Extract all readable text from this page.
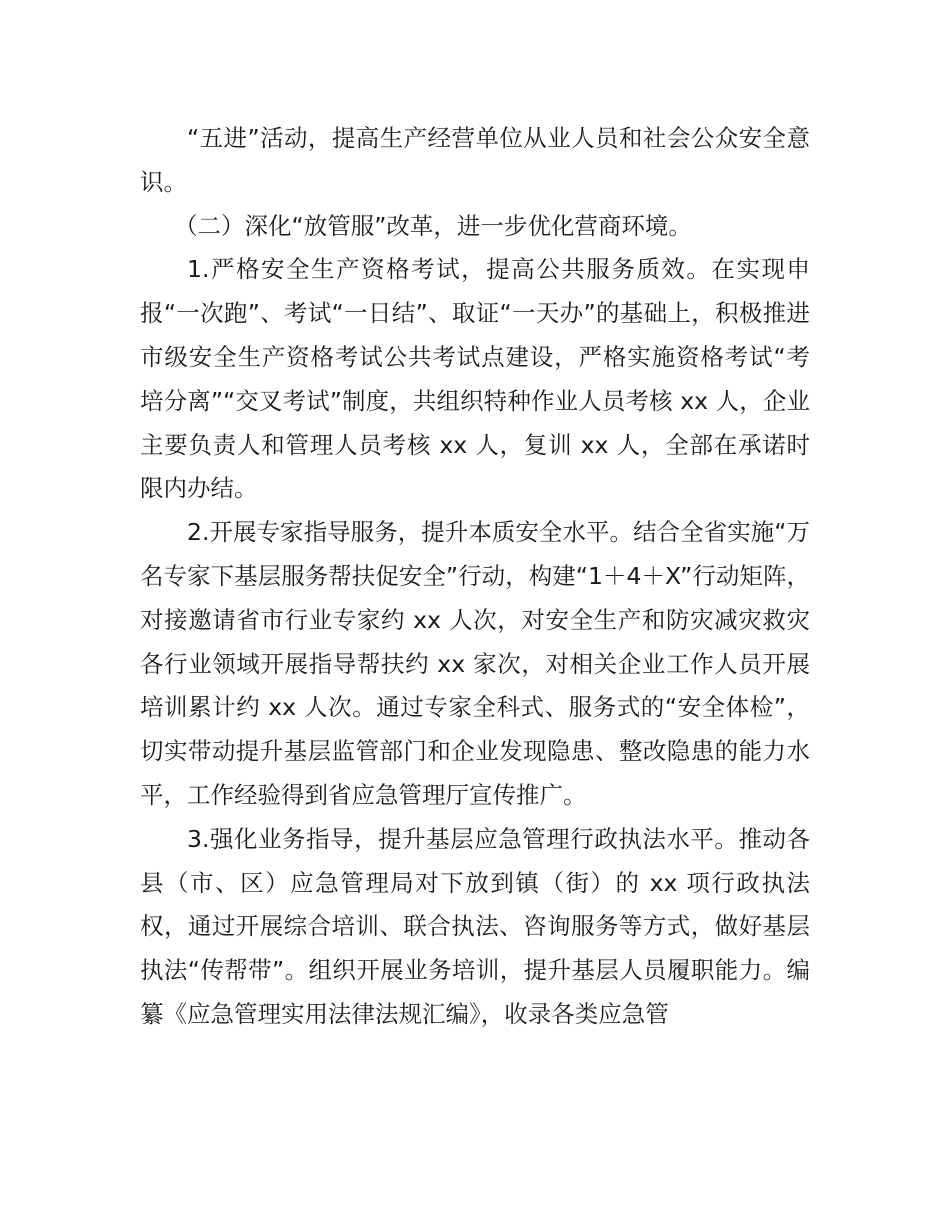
“五进”活动，提高生产经营单位从业人员和社会公众安全意识。

（二）深化“放管服”改革，进一步优化营商环境。

1.严格安全生产资格考试，提高公共服务质效。在实现申报“一次跑”、考试“一日结”、取证“一天办”的基础上，积极推进市级安全生产资格考试公共考试点建设，严格实施资格考试“考培分离”“交叉考试”制度，共组织特种作业人员考核 xx 人，企业主要负责人和管理人员考核 xx 人，复训 xx 人，全部在承诺时限内办结。

2.开展专家指导服务，提升本质安全水平。结合全省实施“万名专家下基层服务帮扶促安全”行动，构建“1＋4＋X”行动矩阵，对接邀请省市行业专家约 xx 人次，对安全生产和防灾减灾救灾各行业领域开展指导帮扶约 xx 家次，对相关企业工作人员开展培训累计约 xx 人次。通过专家全科式、服务式的“安全体检”，切实带动提升基层监管部门和企业发现隐患、整改隐患的能力水平，工作经验得到省应急管理厅宣传推广。

3.强化业务指导，提升基层应急管理行政执法水平。推动各县（市、区）应急管理局对下放到镇（街）的 xx 项行政执法权，通过开展综合培训、联合执法、咨询服务等方式，做好基层执法“传帮带”。组织开展业务培训，提升基层人员履职能力。编纂《应急管理实用法律法规汇编》，收录各类应急管
